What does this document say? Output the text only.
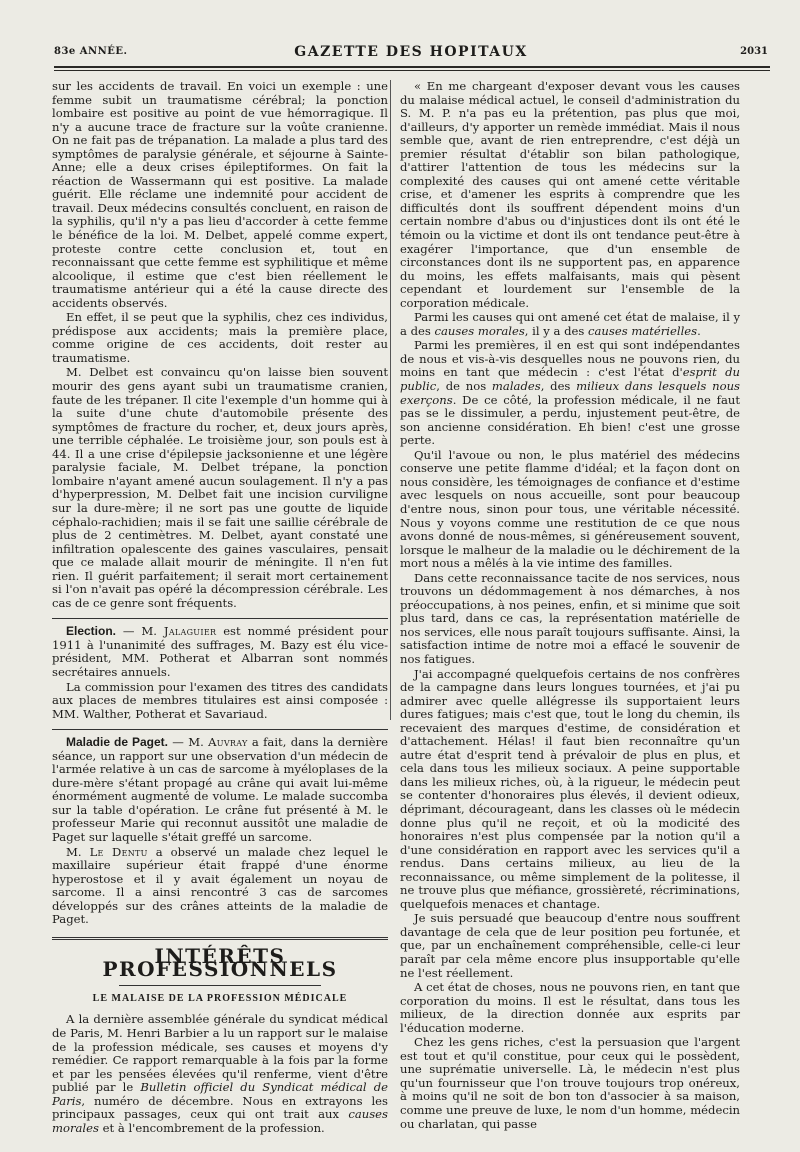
83e ANNÉE.	GAZETTE DES HOPITAUX	2031

sur les accidents de travail. En voici un exemple : une femme subit un traumatisme cérébral; la ponction lombaire est positive au point de vue hémorragique. Il n'y a aucune trace de fracture sur la voûte cranienne. On ne fait pas de trépanation. La malade a plus tard des symptômes de paralysie générale, et séjourne à Sainte-Anne; elle a deux crises épileptiformes. On fait la réaction de Wassermann qui est positive. La malade guérit. Elle réclame une indemnité pour accident de travail. Deux médecins consultés concluent, en raison de la syphilis, qu'il n'y a pas lieu d'accorder à cette femme le bénéfice de la loi. M. Delbet, appelé comme expert, proteste contre cette conclusion et, tout en reconnaissant que cette femme est syphilitique et même alcoolique, il estime que c'est bien réellement le traumatisme antérieur qui a été la cause directe des accidents observés.

En effet, il se peut que la syphilis, chez ces individus, prédispose aux accidents; mais la première place, comme origine de ces accidents, doit rester au traumatisme.

M. Delbet est convaincu qu'on laisse bien souvent mourir des gens ayant subi un traumatisme cranien, faute de les trépaner. Il cite l'exemple d'un homme qui à la suite d'une chute d'automobile présente des symptômes de fracture du rocher, et, deux jours après, une terrible céphalée. Le troisième jour, son pouls est à 44. Il a une crise d'épilepsie jacksonienne et une légère paralysie faciale, M. Delbet trépane, la ponction lombaire n'ayant amené aucun soulagement. Il n'y a pas d'hyperpression, M. Delbet fait une incision curviligne sur la dure-mère; il ne sort pas une goutte de liquide céphalo-rachidien; mais il se fait une saillie cérébrale de plus de 2 centimètres. M. Delbet, ayant constaté une infiltration opalescente des gaines vasculaires, pensait que ce malade allait mourir de méningite. Il n'en fut rien. Il guérit parfaitement; il serait mort certainement si l'on n'avait pas opéré la décompression cérébrale. Les cas de ce genre sont fréquents.

Election. — M. Jalaguier est nommé président pour 1911 à l'unanimité des suffrages, M. Bazy est élu vice-président, MM. Potherat et Albarran sont nommés secrétaires annuels.

La commission pour l'examen des titres des candidats aux places de membres titulaires est ainsi composée : MM. Walther, Potherat et Savariaud.

Maladie de Paget. — M. Auvray a fait, dans la dernière séance, un rapport sur une observation d'un médecin de l'armée relative à un cas de sarcome à myéloplases de la dure-mère s'étant propagé au crâne qui avait lui-même énormément augmenté de volume. Le malade succomba sur la table d'opération. Le crâne fut présenté à M. le professeur Marie qui reconnut aussitôt une maladie de Paget sur laquelle s'était greffé un sarcome.

M. Le Dentu a observé un malade chez lequel le maxillaire supérieur était frappé d'une énorme hyperostose et il y avait également un noyau de sarcome. Il a ainsi rencontré 3 cas de sarcomes développés sur des crânes atteints de la maladie de Paget.

INTÉRÊTS PROFESSIONNELS
LE MALAISE DE LA PROFESSION MÉDICALE

A la dernière assemblée générale du syndicat médical de Paris, M. Henri Barbier a lu un rapport sur le malaise de la profession médicale, ses causes et moyens d'y remédier. Ce rapport remarquable à la fois par la forme et par les pensées élevées qu'il renferme, vient d'être publié par le Bulletin officiel du Syndicat médical de Paris, numéro de décembre. Nous en extrayons les principaux passages, ceux qui ont trait aux causes morales et à l'encombrement de la profession.

« En me chargeant d'exposer devant vous les causes du malaise médical actuel, le conseil d'administration du S. M. P. n'a pas eu la prétention, pas plus que moi, d'ailleurs, d'y apporter un remède immédiat. Mais il nous semble que, avant de rien entreprendre, c'est déjà un premier résultat d'établir son bilan pathologique, d'attirer l'attention de tous les médecins sur la complexité des causes qui ont amené cette véritable crise, et d'amener les esprits à comprendre que les difficultés dont ils souffrent dépendent moins d'un certain nombre d'abus ou d'injustices dont ils ont été le témoin ou la victime et dont ils ont tendance peut-être à exagérer l'importance, que d'un ensemble de circonstances dont ils ne supportent pas, en apparence du moins, les effets malfaisants, mais qui pèsent cependant et lourdement sur l'ensemble de la corporation médicale.

Parmi les causes qui ont amené cet état de malaise, il y a des causes morales, il y a des causes matérielles.

Parmi les premières, il en est qui sont indépendantes de nous et vis-à-vis desquelles nous ne pouvons rien, du moins en tant que médecin : c'est l'état d'esprit du public, de nos malades, des milieux dans lesquels nous exerçons. De ce côté, la profession médicale, il ne faut pas se le dissimuler, a perdu, injustement peut-être, de son ancienne considération. Eh bien! c'est une grosse perte.

Qu'il l'avoue ou non, le plus matériel des médecins conserve une petite flamme d'idéal; et la façon dont on nous considère, les témoignages de confiance et d'estime avec lesquels on nous accueille, sont pour beaucoup d'entre nous, sinon pour tous, une véritable nécessité. Nous y voyons comme une restitution de ce que nous avons donné de nous-mêmes, si généreusement souvent, lorsque le malheur de la maladie ou le déchirement de la mort nous a mêlés à la vie intime des familles.

Dans cette reconnaissance tacite de nos services, nous trouvons un dédommagement à nos démarches, à nos préoccupations, à nos peines, enfin, et si minime que soit plus tard, dans ce cas, la représentation matérielle de nos services, elle nous paraît toujours suffisante. Ainsi, la satisfaction intime de notre moi a effacé le souvenir de nos fatigues.

J'ai accompagné quelquefois certains de nos confrères de la campagne dans leurs longues tournées, et j'ai pu admirer avec quelle allégresse ils supportaient leurs dures fatigues; mais c'est que, tout le long du chemin, ils recevaient des marques d'estime, de considération et d'attachement. Hélas! il faut bien reconnaître qu'un autre état d'esprit tend à prévaloir de plus en plus, et cela dans tous les milieux sociaux. A peine supportable dans les milieux riches, où, à la rigueur, le médecin peut se contenter d'honoraires plus élevés, il devient odieux, déprimant, décourageant, dans les classes où le médecin donne plus qu'il ne reçoit, et où la modicité des honoraires n'est plus compensée par la notion qu'il a d'une considération en rapport avec les services qu'il a rendus. Dans certains milieux, au lieu de la reconnaissance, ou même simplement de la politesse, il ne trouve plus que méfiance, grossièreté, récriminations, quelquefois menaces et chantage.

Je suis persuadé que beaucoup d'entre nous souffrent davantage de cela que de leur position peu fortunée, et que, par un enchaînement compréhensible, celle-ci leur paraît par cela même encore plus insupportable qu'elle ne l'est réellement.

A cet état de choses, nous ne pouvons rien, en tant que corporation du moins. Il est le résultat, dans tous les milieux, de la direction donnée aux esprits par l'éducation moderne.

Chez les gens riches, c'est la persuasion que l'argent est tout et qu'il constitue, pour ceux qui le possèdent, une suprématie universelle. Là, le médecin n'est plus qu'un fournisseur que l'on trouve toujours trop onéreux, à moins qu'il ne soit de bon ton d'associer à sa maison, comme une preuve de luxe, le nom d'un homme, médecin ou charlatan, qui passe
